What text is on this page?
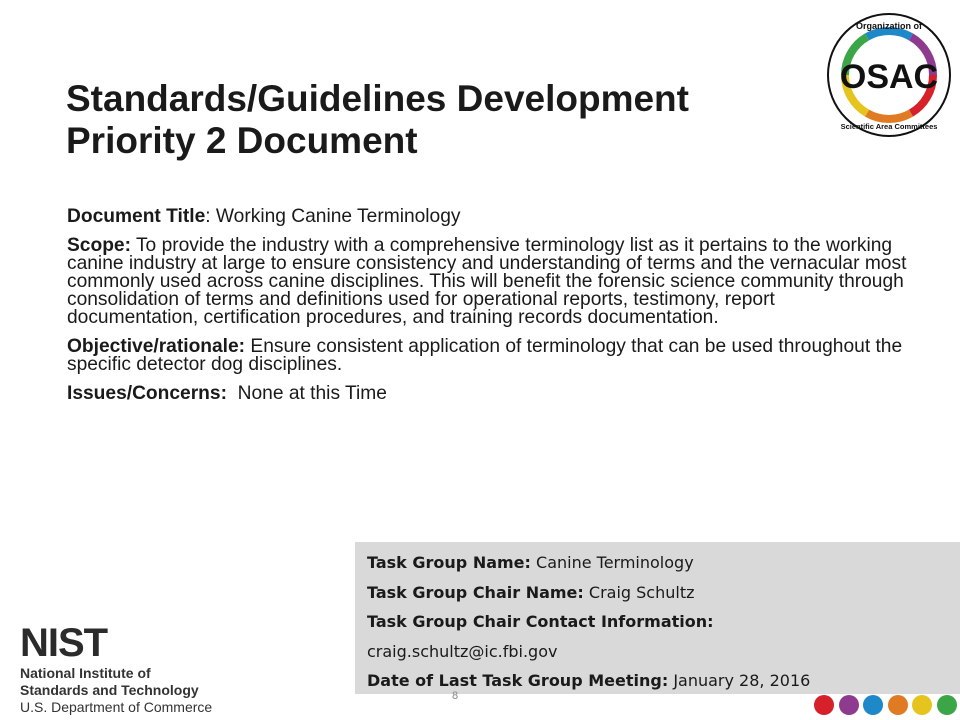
Standards/Guidelines Development
Priority 2 Document
OSAC
Organization of
Scientific Area Committees

Document Title: Working Canine Terminology

Scope: To provide the industry with a comprehensive terminology list as it pertains to the working canine industry at large to ensure consistency and understanding of terms and the vernacular most commonly used across canine disciplines. This will benefit the forensic science community through consolidation of terms and definitions used for operational reports, testimony, report documentation, certification procedures, and training records documentation.

Objective/rationale: Ensure consistent application of terminology that can be used throughout the specific detector dog disciplines.

Issues/Concerns: None at this Time

Task Group Name: Canine Terminology
Task Group Chair Name: Craig Schultz
Task Group Chair Contact Information:
craig.schultz@ic.fbi.gov
Date of Last Task Group Meeting: January 28, 2016
NIST
National Institute of
Standards and Technology
U.S. Department of Commerce
8
